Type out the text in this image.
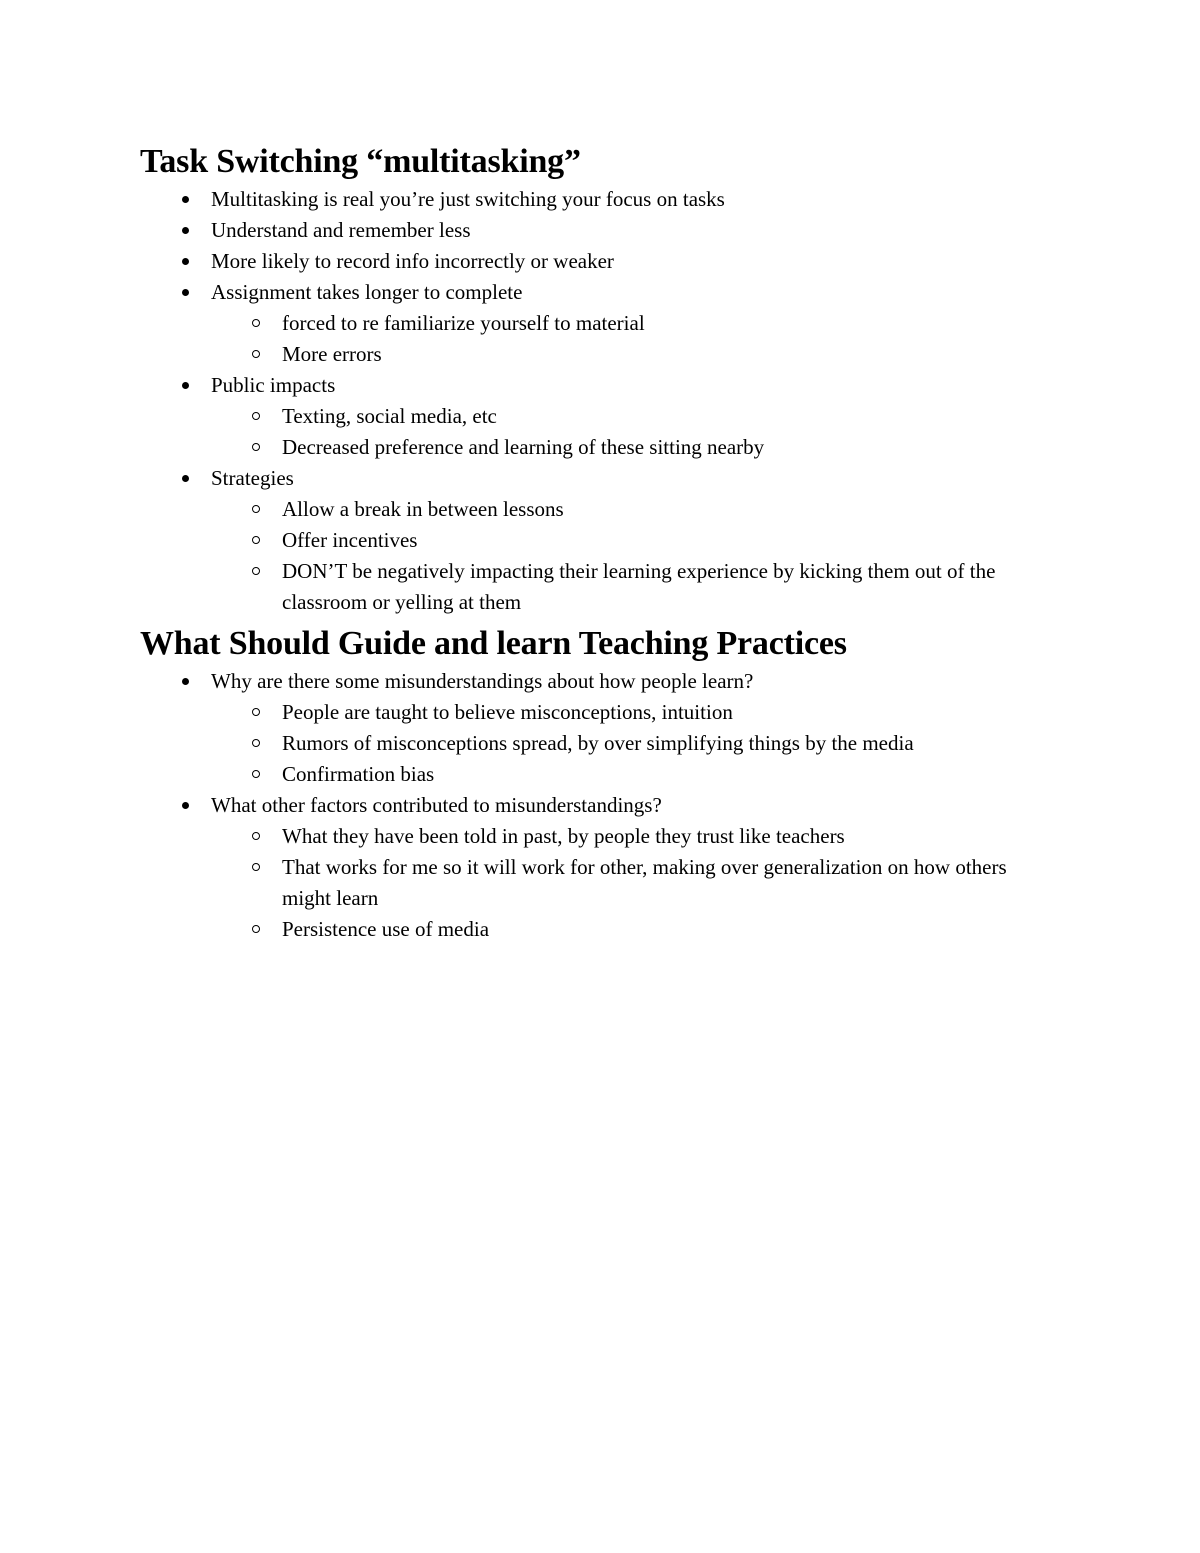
Task Switching “multitasking”
Multitasking is real you’re just switching your focus on tasks
Understand and remember less
More likely to record info incorrectly or weaker
Assignment takes longer to complete
forced to re familiarize yourself to material
More errors
Public impacts
Texting, social media, etc
Decreased preference and learning of these sitting nearby
Strategies
Allow a break in between lessons
Offer incentives
DON’T be negatively impacting their learning experience by kicking them out of the classroom or yelling at them
What Should Guide and learn Teaching Practices
Why are there some misunderstandings about how people learn?
People are taught to believe misconceptions, intuition
Rumors of misconceptions spread, by over simplifying things by the media
Confirmation bias
What other factors contributed to misunderstandings?
What they have been told in past, by people they trust like teachers
That works for me so it will work for other, making over generalization on how others might learn
Persistence use of media
